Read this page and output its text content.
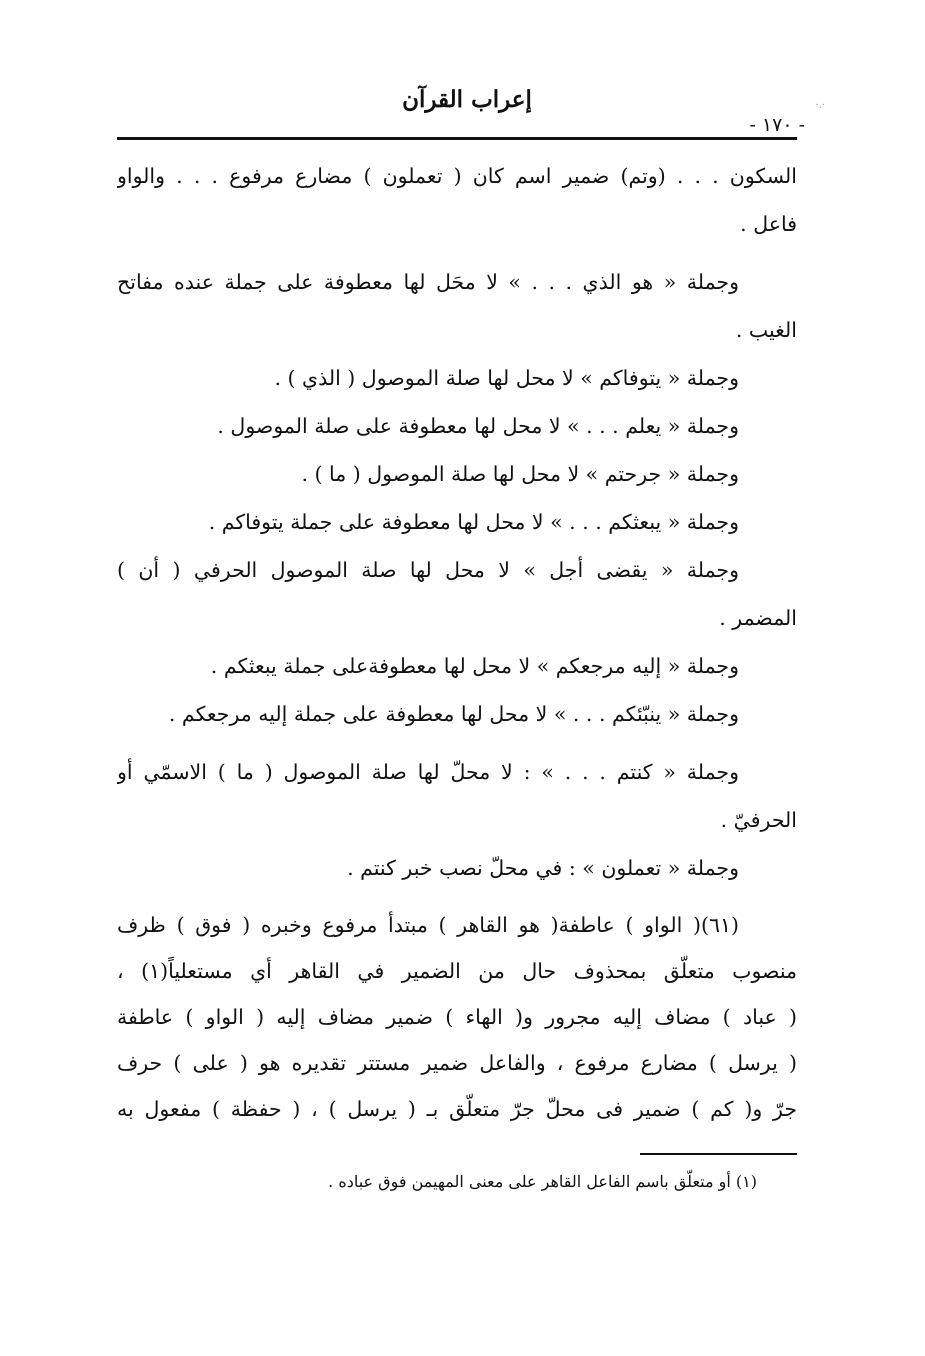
إعراب القرآن
- ١٧٠ -
·.·
السكون . . . (وتم) ضمير اسم كان ( تعملون ) مضارع مرفوع . . . والواو
فاعل .
وجملة « هو الذي . . . » لا محَل لها معطوفة على جملة عنده مفاتح
الغيب .
وجملة « يتوفاكم » لا محل لها صلة الموصول ( الذي ) .
وجملة « يعلم . . . » لا محل لها معطوفة على صلة الموصول .
وجملة « جرحتم » لا محل لها صلة الموصول ( ما ) .
وجملة « يبعثكم . . . » لا محل لها معطوفة على جملة يتوفاكم .
وجملة « يقضى أجل » لا محل لها صلة الموصول الحرفي ( أن )
المضمر .
وجملة « إليه مرجعكم » لا محل لها معطوفةعلى جملة يبعثكم .
وجملة « ينبّئكم . . . » لا محل لها معطوفة على جملة إليه مرجعكم .
وجملة « كنتم . . . » : لا محلّ لها صلة الموصول ( ما ) الاسمّي أو
الحرفيّ .
وجملة « تعملون » : في محلّ نصب خبر كنتم .
(٦١)( الواو ) عاطفة( هو القاهر ) مبتدأ مرفوع وخبره ( فوق ) ظرف
منصوب متعلّق بمحذوف حال من الضمير في القاهر أي مستعلياً(١) ،
( عباد ) مضاف إليه مجرور و( الهاء ) ضمير مضاف إليه ( الواو ) عاطفة
( يرسل ) مضارع مرفوع ، والفاعل ضمير مستتر تقديره هو ( على ) حرف
جرّ و( كم ) ضمير فى محلّ جرّ متعلّق بـ ( يرسل ) ، ( حفظة ) مفعول به
(١) أو متعلّق باسم الفاعل القاهر على معنى المهيمن فوق عباده .
